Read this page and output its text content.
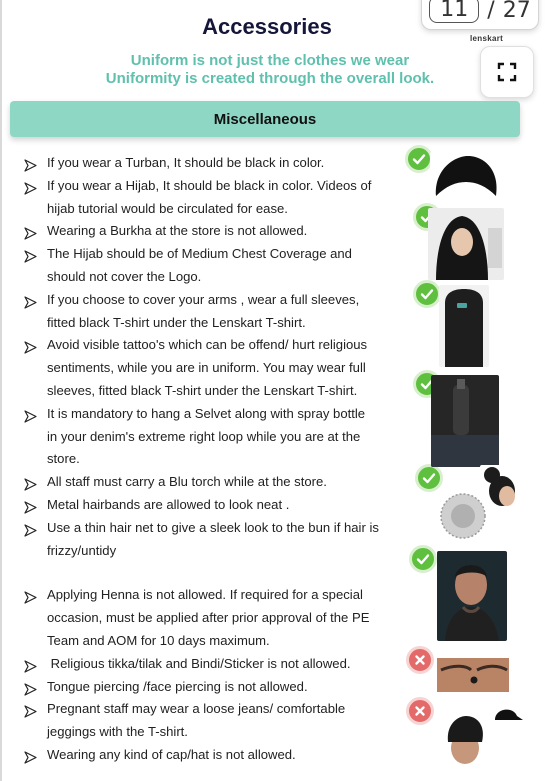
Accessories
11 / 27
lenskart
Uniform is not just the clothes we wear
Uniformity is created through the overall look.
Miscellaneous
If you wear a Turban, It should be black in color.
If you wear a Hijab, It should be black in color. Videos of
hijab tutorial would be circulated for ease.
Wearing a Burkha at the store is not allowed.
The Hijab should be of Medium Chest Coverage and
should not cover the Logo.
If you choose to cover your arms , wear a full sleeves,
fitted black T-shirt under the Lenskart T-shirt.
Avoid visible tattoo's which can be offend/ hurt religious
sentiments, while you are in uniform. You may wear full
sleeves, fitted black T-shirt under the Lenskart T-shirt.
It is mandatory to hang a Selvet along with spray bottle
in your denim's extreme right loop while you are at the
store.
All staff must carry a Blu torch while at the store.
Metal hairbands are allowed to look neat .
Use a thin hair net to give a sleek look to the bun if hair is
frizzy/untidy
Applying Henna is not allowed. If required for a special
occasion, must be applied after prior approval of the PE
Team and AOM for 10 days maximum.
Religious tikka/tilak and Bindi/Sticker is not allowed.
Tongue piercing /face piercing is not allowed.
Pregnant staff may wear a loose jeans/ comfortable
jeggings with the T-shirt.
Wearing any kind of cap/hat is not allowed.
